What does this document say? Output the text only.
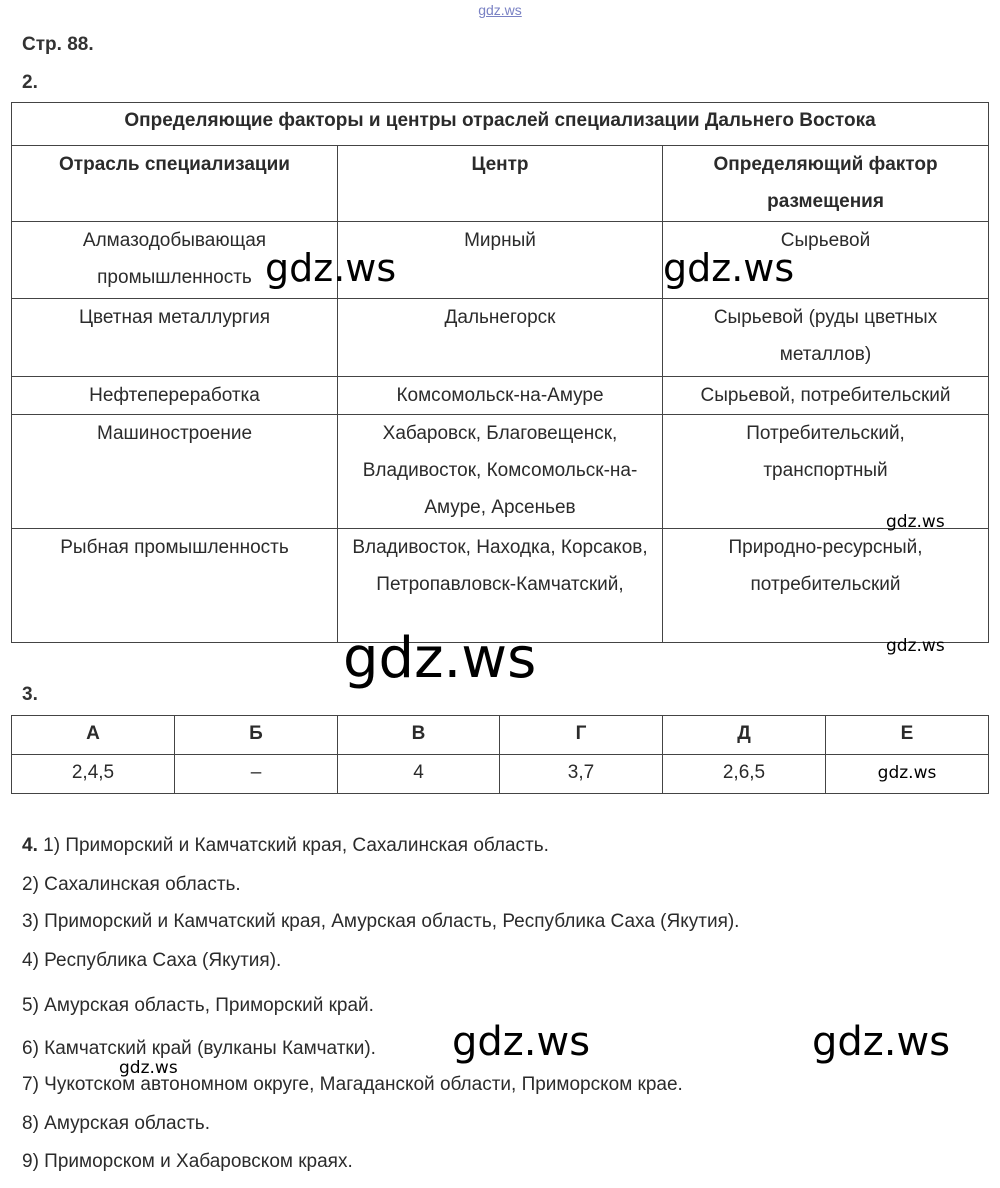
gdz.ws
Стр. 88.
2.
Определяющие факторы и центры отраслей специализации Дальнего Востока		
Отрасль специализации	Центр	Определяющий фактор размещения
Алмазодобывающая промышленность	Мирный	Сырьевой
Цветная металлургия	Дальнегорск	Сырьевой (руды цветных металлов)
Нефтепереработка	Комсомольск-на-Амуре	Сырьевой, потребительский
Машиностроение	Хабаровск, Благовещенск, Владивосток, Комсомольск-на-Амуре, Арсеньев	Потребительский, транспортный
Рыбная промышленность	Владивосток, Находка, Корсаков, Петропавловск-Камчатский,	Природно-ресурсный, потребительский
3.
А	Б	В	Г	Д	Е
2,4,5	–	4	3,7	2,6,5	gdz.ws
4. 1) Приморский и Камчатский края, Сахалинская область.
2) Сахалинская область.
3) Приморский и Камчатский края, Амурская область, Республика Саха (Якутия).
4) Республика Саха (Якутия).
5) Амурская область, Приморский край.
6) Камчатский край (вулканы Камчатки).
7) Чукотском автономном округе, Магаданской области, Приморском крае.
8) Амурская область.
9) Приморском и Хабаровском краях.
gdz.ws	gdz.ws
gdz.ws
gdz.ws	gdz.ws
gdz.ws
gdz.ws
gdz.ws
